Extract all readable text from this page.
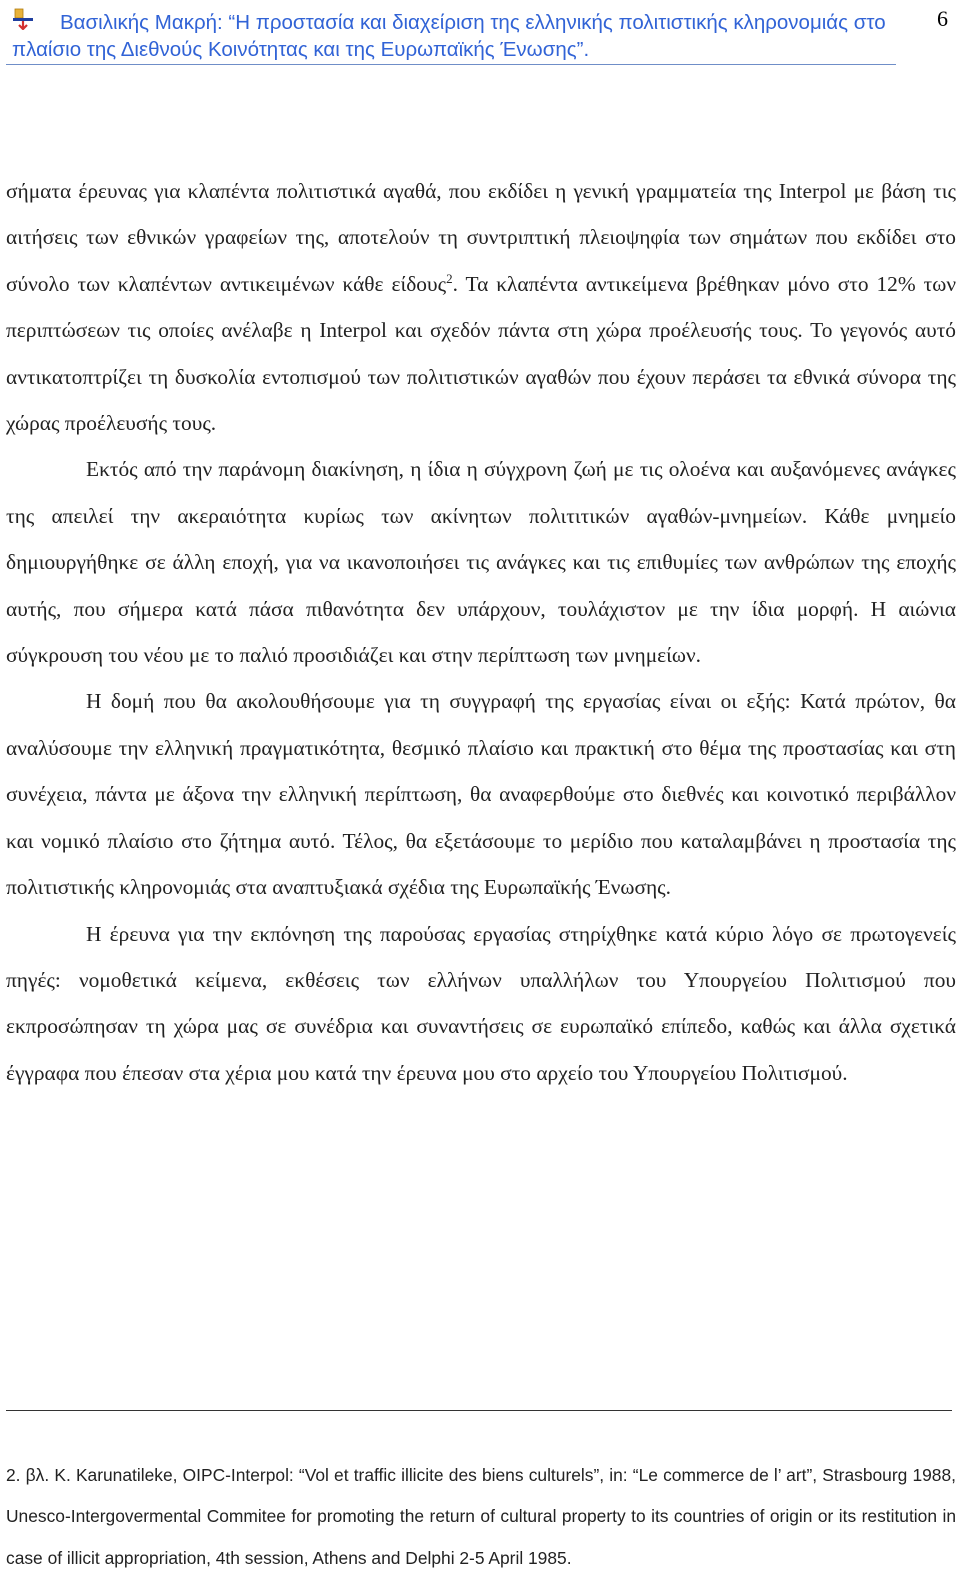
Βασιλικής Μακρή: “Η προστασία και διαχείριση της ελληνικής πολιτιστικής κληρονομιάς στο πλαίσιο της Διεθνούς Κοινότητας και της Ευρωπαϊκής Ένωσης”.
6

σήματα έρευνας για κλαπέντα πολιτιστικά αγαθά, που εκδίδει η γενική γραμματεία της Interpol με βάση τις αιτήσεις των εθνικών γραφείων της, αποτελούν τη συντριπτική πλειοψηφία των σημάτων που εκδίδει στο σύνολο των κλαπέντων αντικειμένων κάθε είδους$^2$. Τα κλαπέντα αντικείμενα βρέθηκαν μόνο στο 12% των περιπτώσεων τις οποίες ανέλαβε η Interpol και σχεδόν πάντα στη χώρα προέλευσής τους. Το γεγονός αυτό αντικατοπτρίζει τη δυσκολία εντοπισμού των πολιτιστικών αγαθών που έχουν περάσει τα εθνικά σύνορα της χώρας προέλευσής τους.

Εκτός από την παράνομη διακίνηση, η ίδια η σύγχρονη ζωή με τις ολοένα και αυξανόμενες ανάγκες της απειλεί την ακεραιότητα κυρίως των ακίνητων πολιτιτικών αγαθών-μνημείων. Κάθε μνημείο δημιουργήθηκε σε άλλη εποχή, για να ικανοποιήσει τις ανάγκες και τις επιθυμίες των ανθρώπων της εποχής αυτής, που σήμερα κατά πάσα πιθανότητα δεν υπάρχουν, τουλάχιστον με την ίδια μορφή. Η αιώνια σύγκρουση του νέου με το παλιό προσιδιάζει και στην περίπτωση των μνημείων.

Η δομή που θα ακολουθήσουμε για τη συγγραφή της εργασίας είναι οι εξής: Κατά πρώτον, θα αναλύσουμε την ελληνική πραγματικότητα, θεσμικό πλαίσιο και πρακτική στο θέμα της προστασίας και στη συνέχεια, πάντα με άξονα την ελληνική περίπτωση, θα αναφερθούμε στο διεθνές και κοινοτικό περιβάλλον και νομικό πλαίσιο στο ζήτημα αυτό. Τέλος, θα εξετάσουμε το μερίδιο που καταλαμβάνει η προστασία της πολιτιστικής κληρονομιάς στα αναπτυξιακά σχέδια της Ευρωπαϊκής Ένωσης.

Η έρευνα για την εκπόνηση της παρούσας εργασίας στηρίχθηκε κατά κύριο λόγο σε πρωτογενείς πηγές: νομοθετικά κείμενα, εκθέσεις των ελλήνων υπαλλήλων του Υπουργείου Πολιτισμού που εκπροσώπησαν τη χώρα μας σε συνέδρια και συναντήσεις σε ευρωπαϊκό επίπεδο, καθώς και άλλα σχετικά έγγραφα που έπεσαν στα χέρια μου κατά την έρευνα μου στο αρχείο του Υπουργείου Πολιτισμού.

2. βλ. K. Karunatileke, OIPC-Interpol: “Vol et traffic illicite des biens culturels”, in: “Le commerce de l’ art”, Strasbourg 1988, Unesco-Intergovermental Commitee for promoting the return of cultural property to its countries of origin or its restitution in case of illicit appropriation, 4th session, Athens and Delphi 2-5 April 1985.
